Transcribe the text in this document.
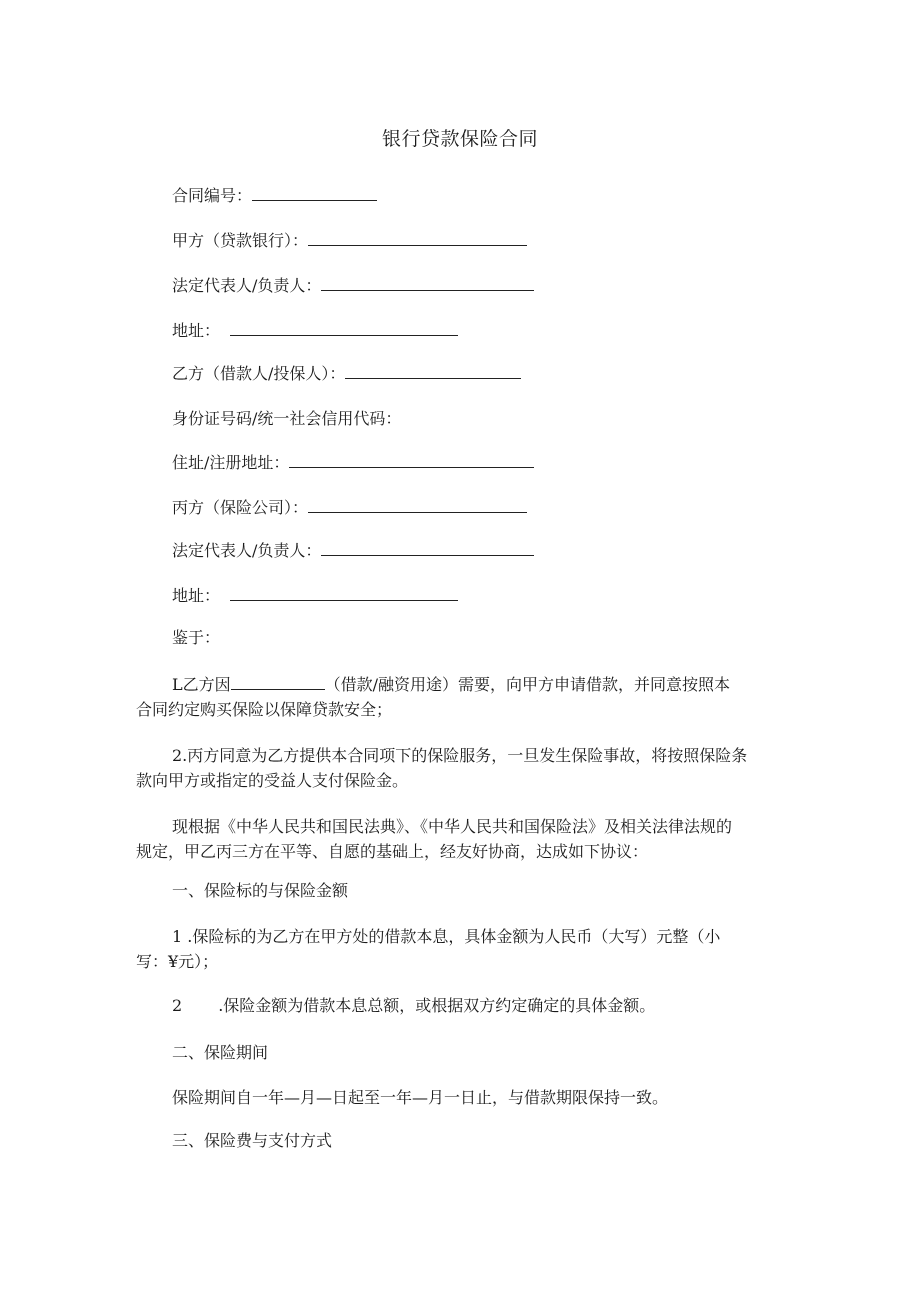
银行贷款保险合同
合同编号：
甲方（贷款银行）：
法定代表人/负责人：
地址：
乙方（借款人/投保人）：
身份证号码/统一社会信用代码：
住址/注册地址：
丙方（保险公司）：
法定代表人/负责人：
地址：
鉴于：
L乙方因	（借款/融资用途）需要，向甲方申请借款，并同意按照本
合同约定购买保险以保障贷款安全；
2.丙方同意为乙方提供本合同项下的保险服务，一旦发生保险事故，将按照保险条
款向甲方或指定的受益人支付保险金。
现根据《中华人民共和国民法典》、《中华人民共和国保险法》及相关法律法规的
规定，甲乙丙三方在平等、自愿的基础上，经友好协商，达成如下协议：
一、保险标的与保险金额
1 .保险标的为乙方在甲方处的借款本息，具体金额为人民币（大写）元整（小
写：¥元）；
2 .保险金额为借款本息总额，或根据双方约定确定的具体金额。
二、保险期间
保险期间自一年—月—日起至一年—月一日止，与借款期限保持一致。
三、保险费与支付方式
